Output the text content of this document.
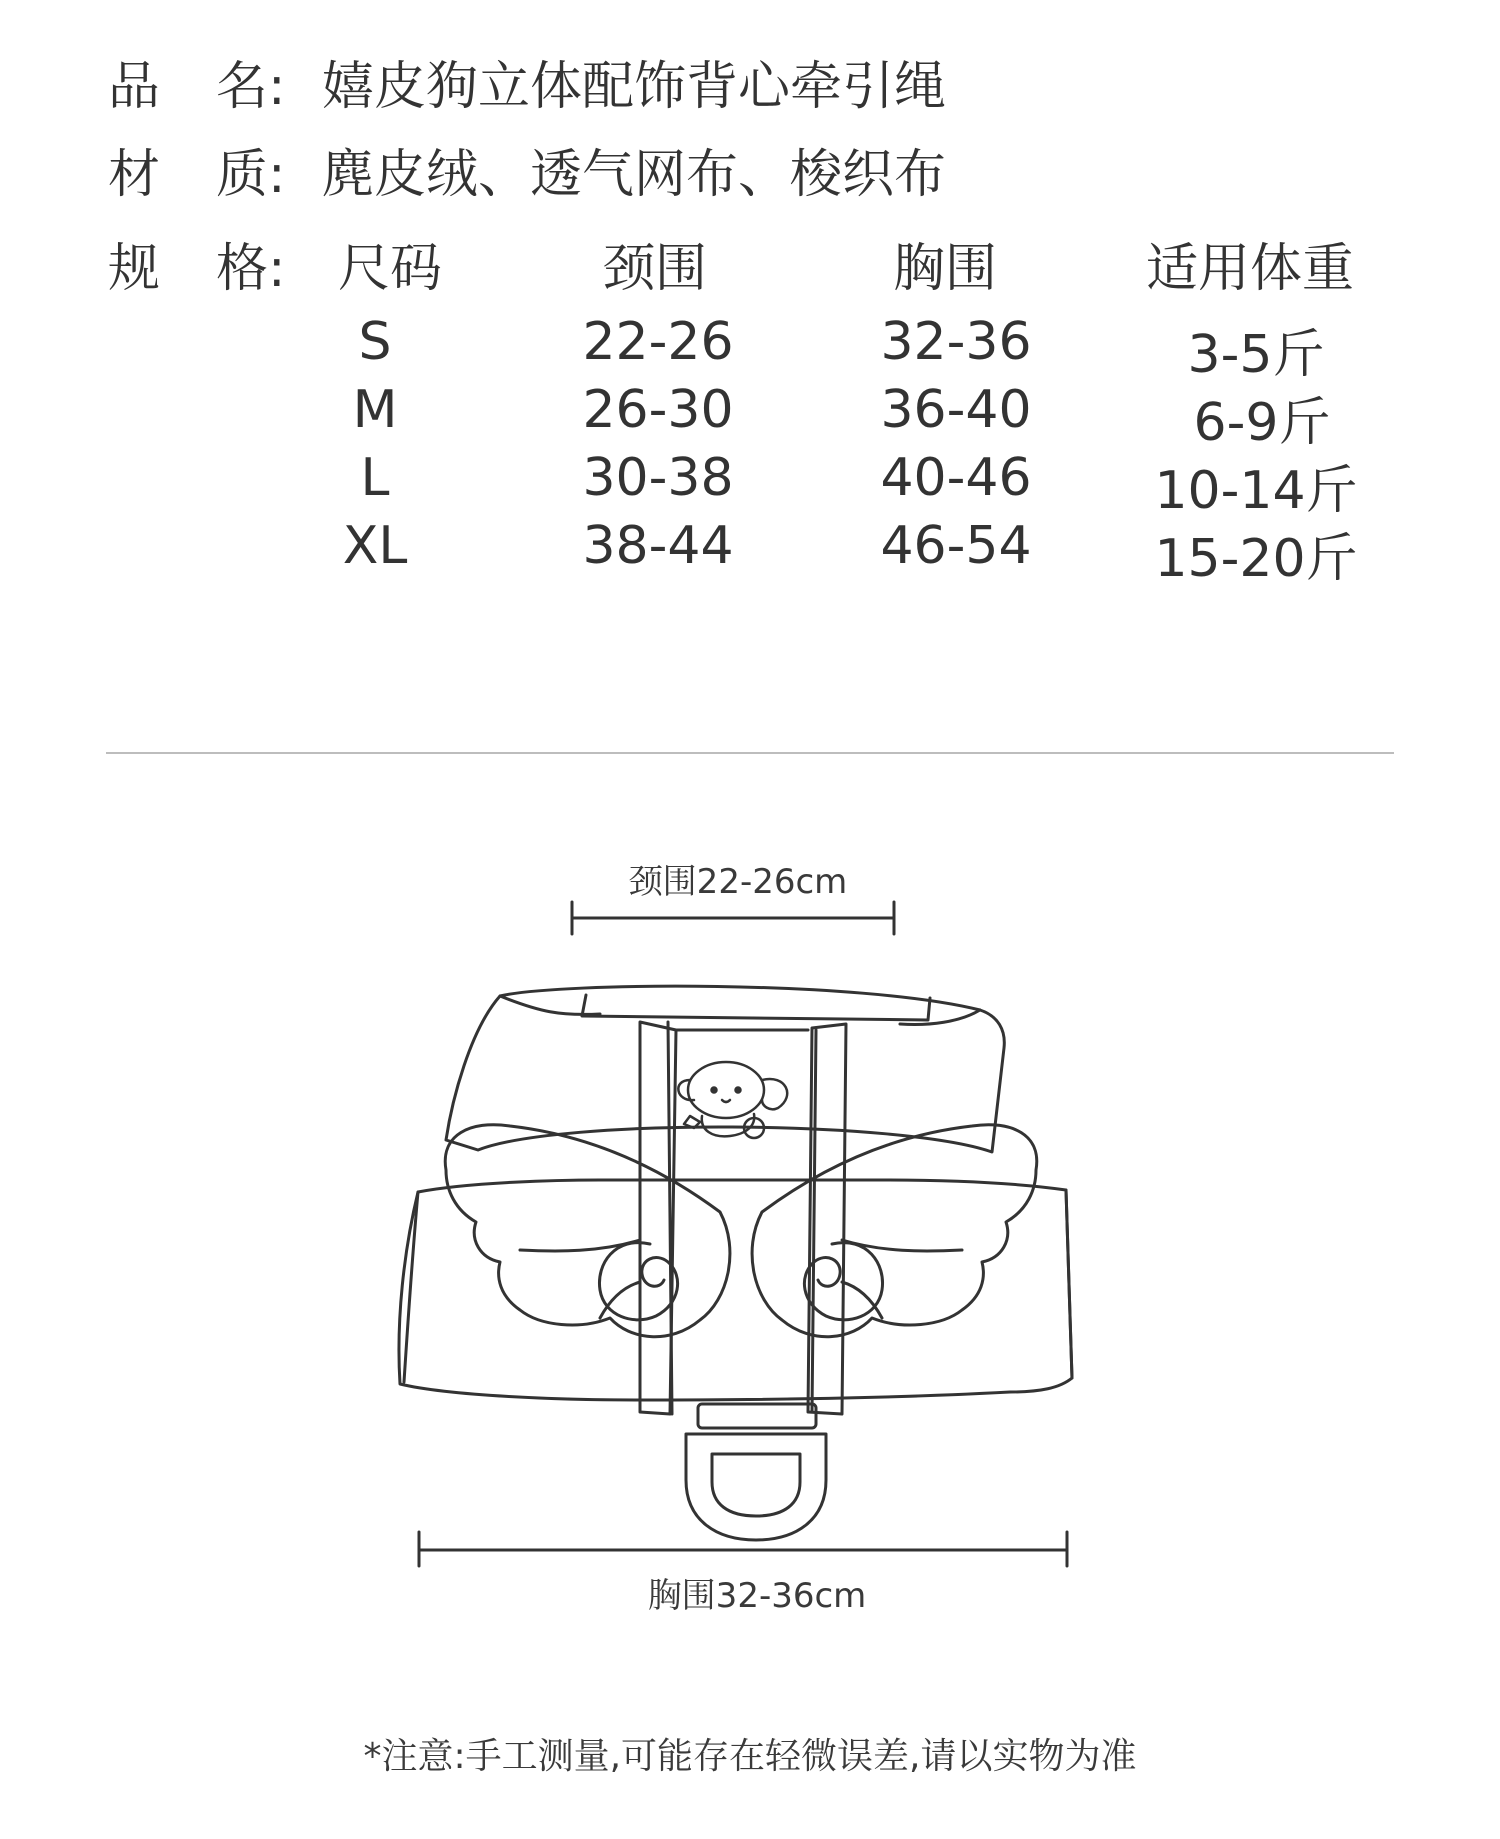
品 名: 嬉皮狗立体配饰背心牵引绳
材 质: 麂皮绒、透气网布、梭织布
规 格:	尺码	颈围	胸围	适用体重
S	22-26	32-36	3-5斤
M	26-30	36-40	6-9斤
L	30-38	40-46	10-14斤
XL	38-44	46-54	15-20斤
颈围22-26cm
胸围32-36cm
*注意:手工测量,可能存在轻微误差,请以实物为准
